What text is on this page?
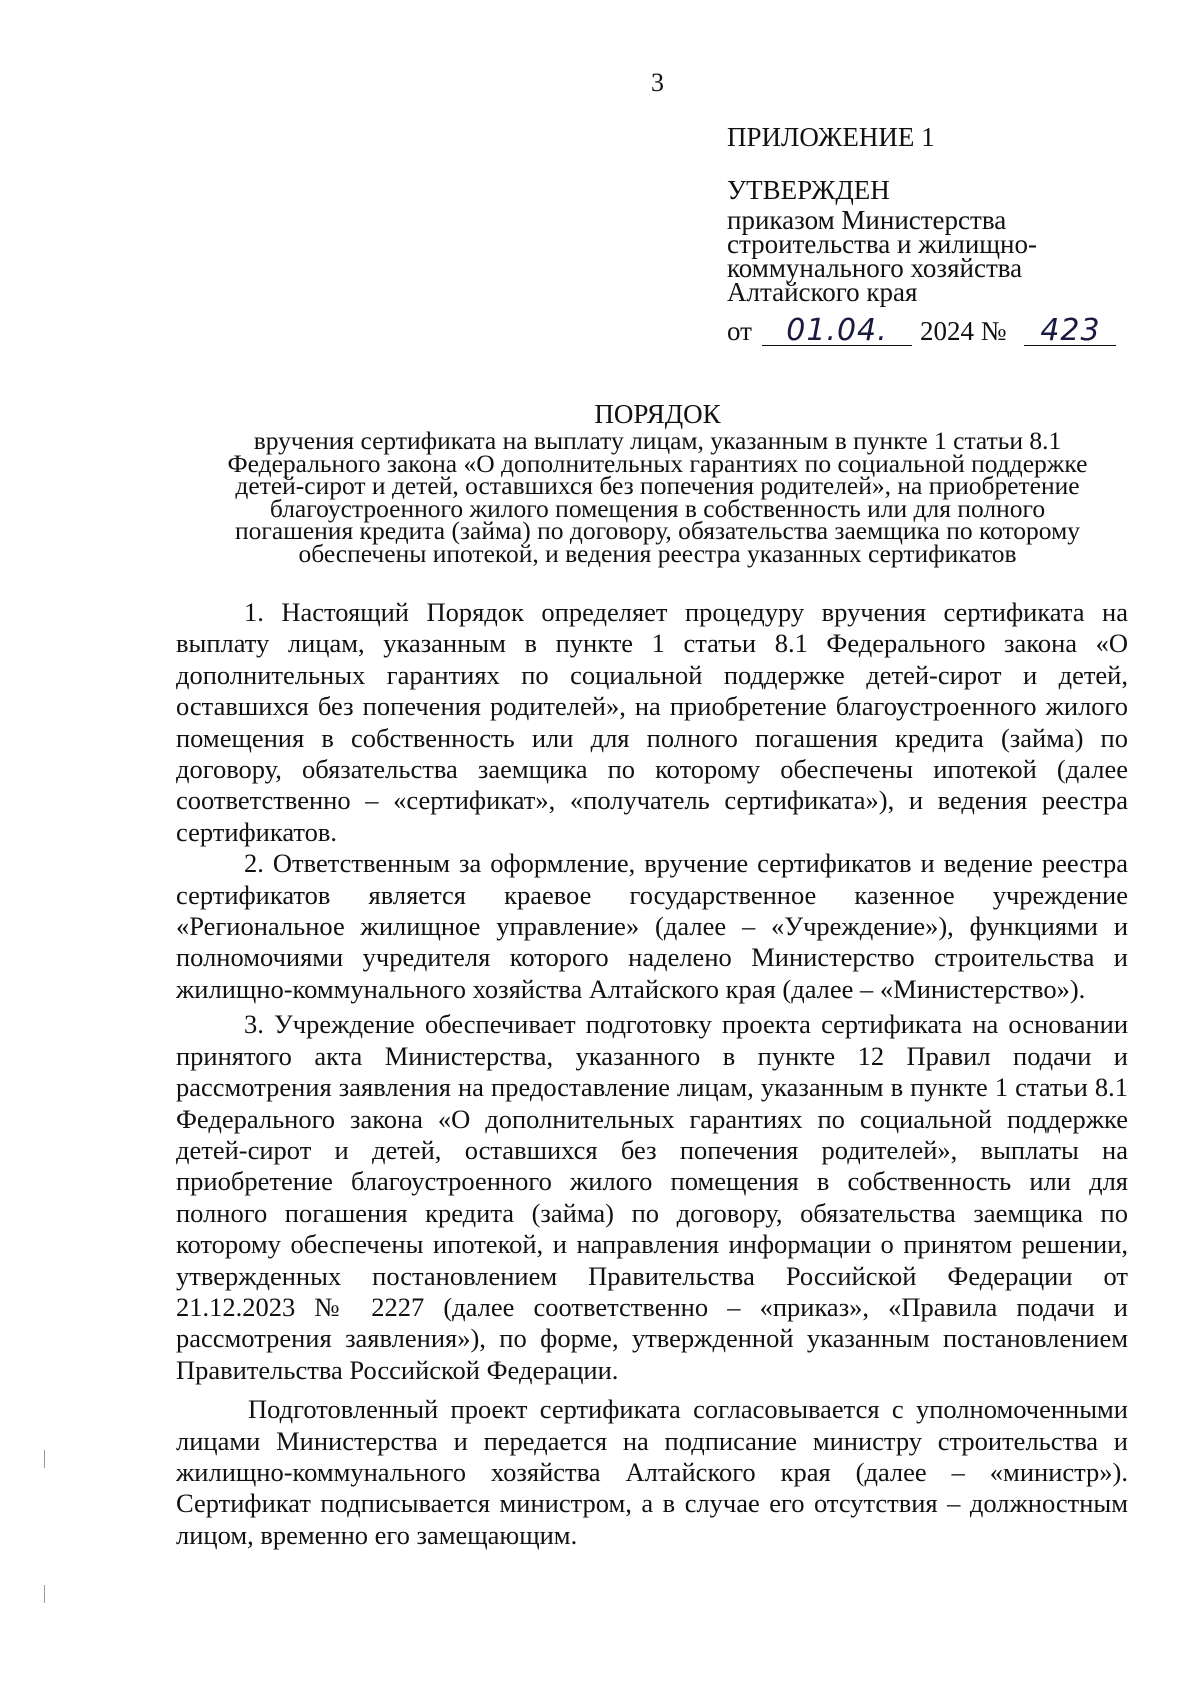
3

ПРИЛОЖЕНИЕ 1

УТВЕРЖДЕН

приказом Министерства

строительства и жилищно-

коммунального хозяйства

Алтайского края

от	01.04.	2024 №	423

ПОРЯДОК

вручения сертификата на выплату лицам, указанным в пункте 1 статьи 8.1

Федерального закона «О дополнительных гарантиях по социальной поддержке

детей-сирот и детей, оставшихся без попечения родителей», на приобретение

благоустроенного жилого помещения в собственность или для полного

погашения кредита (займа) по договору, обязательства заемщика по которому

обеспечены ипотекой, и ведения реестра указанных сертификатов

1. Настоящий Порядок определяет процедуру вручения сертификата на выплату лицам, указанным в пункте 1 статьи 8.1 Федерального закона «О дополнительных гарантиях по социальной поддержке детей-сирот и детей, оставшихся без попечения родителей», на приобретение благоустроенного жилого помещения в собственность или для полного погашения кредита (займа) по договору, обязательства заемщика по которому обеспечены ипотекой (далее соответственно – «сертификат», «получатель сертификата»), и ведения реестра сертификатов.

2. Ответственным за оформление, вручение сертификатов и ведение реестра сертификатов является краевое государственное казенное учреждение «Региональное жилищное управление» (далее – «Учреждение»), функциями и полномочиями учредителя которого наделено Министерство строительства и жилищно-коммунального хозяйства Алтайского края (далее – «Министерство»).

3. Учреждение обеспечивает подготовку проекта сертификата на основании принятого акта Министерства, указанного в пункте 12 Правил подачи и рассмотрения заявления на предоставление лицам, указанным в пункте 1 статьи 8.1 Федерального закона «О дополнительных гарантиях по социальной поддержке детей-сирот и детей, оставшихся без попечения родителей», выплаты на приобретение благоустроенного жилого помещения в собственность или для полного погашения кредита (займа) по договору, обязательства заемщика по которому обеспечены ипотекой, и направления информации о принятом решении, утвержденных постановлением Правительства Российской Федерации от 21.12.2023 № 2227 (далее соответственно – «приказ», «Правила подачи и рассмотрения заявления»), по форме, утвержденной указанным постановлением Правительства Российской Федерации.

Подготовленный проект сертификата согласовывается с уполномоченными лицами Министерства и передается на подписание министру строительства и жилищно-коммунального хозяйства Алтайского края (далее – «министр»). Сертификат подписывается министром, а в случае его отсутствия – должностным лицом, временно его замещающим.
